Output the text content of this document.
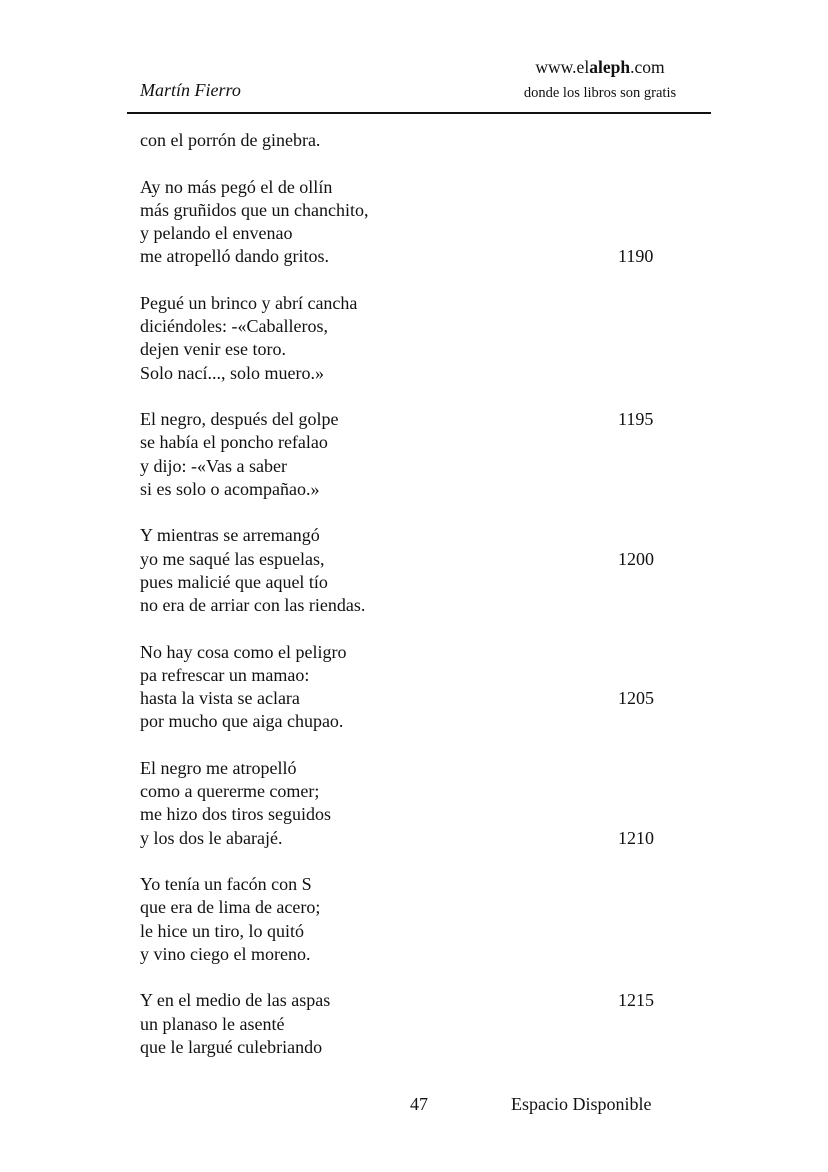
Martín Fierro
www.elaleph.com
donde los libros son gratis
con el porrón de ginebra.
Ay no más pegó el de ollín
más gruñidos que un chanchito,
y pelando el envenao
me atropelló dando gritos.	1190
Pegué un brinco y abrí cancha
diciéndoles: -«Caballeros,
dejen venir ese toro.
Solo nací..., solo muero.»
El negro, después del golpe	1195
se había el poncho refalao
y dijo: -«Vas a saber
si es solo o acompañao.»
Y mientras se arremangó
yo me saqué las espuelas,	1200
pues malicié que aquel tío
no era de arriar con las riendas.
No hay cosa como el peligro
pa refrescar un mamao:
hasta la vista se aclara	1205
por mucho que aiga chupao.
El negro me atropelló
como a quererme comer;
me hizo dos tiros seguidos
y los dos le abarajé.	1210
Yo tenía un facón con S
que era de lima de acero;
le hice un tiro, lo quitó
y vino ciego el moreno.
Y en el medio de las aspas	1215
un planaso le asenté
que le largué culebriando
47	Espacio Disponible
